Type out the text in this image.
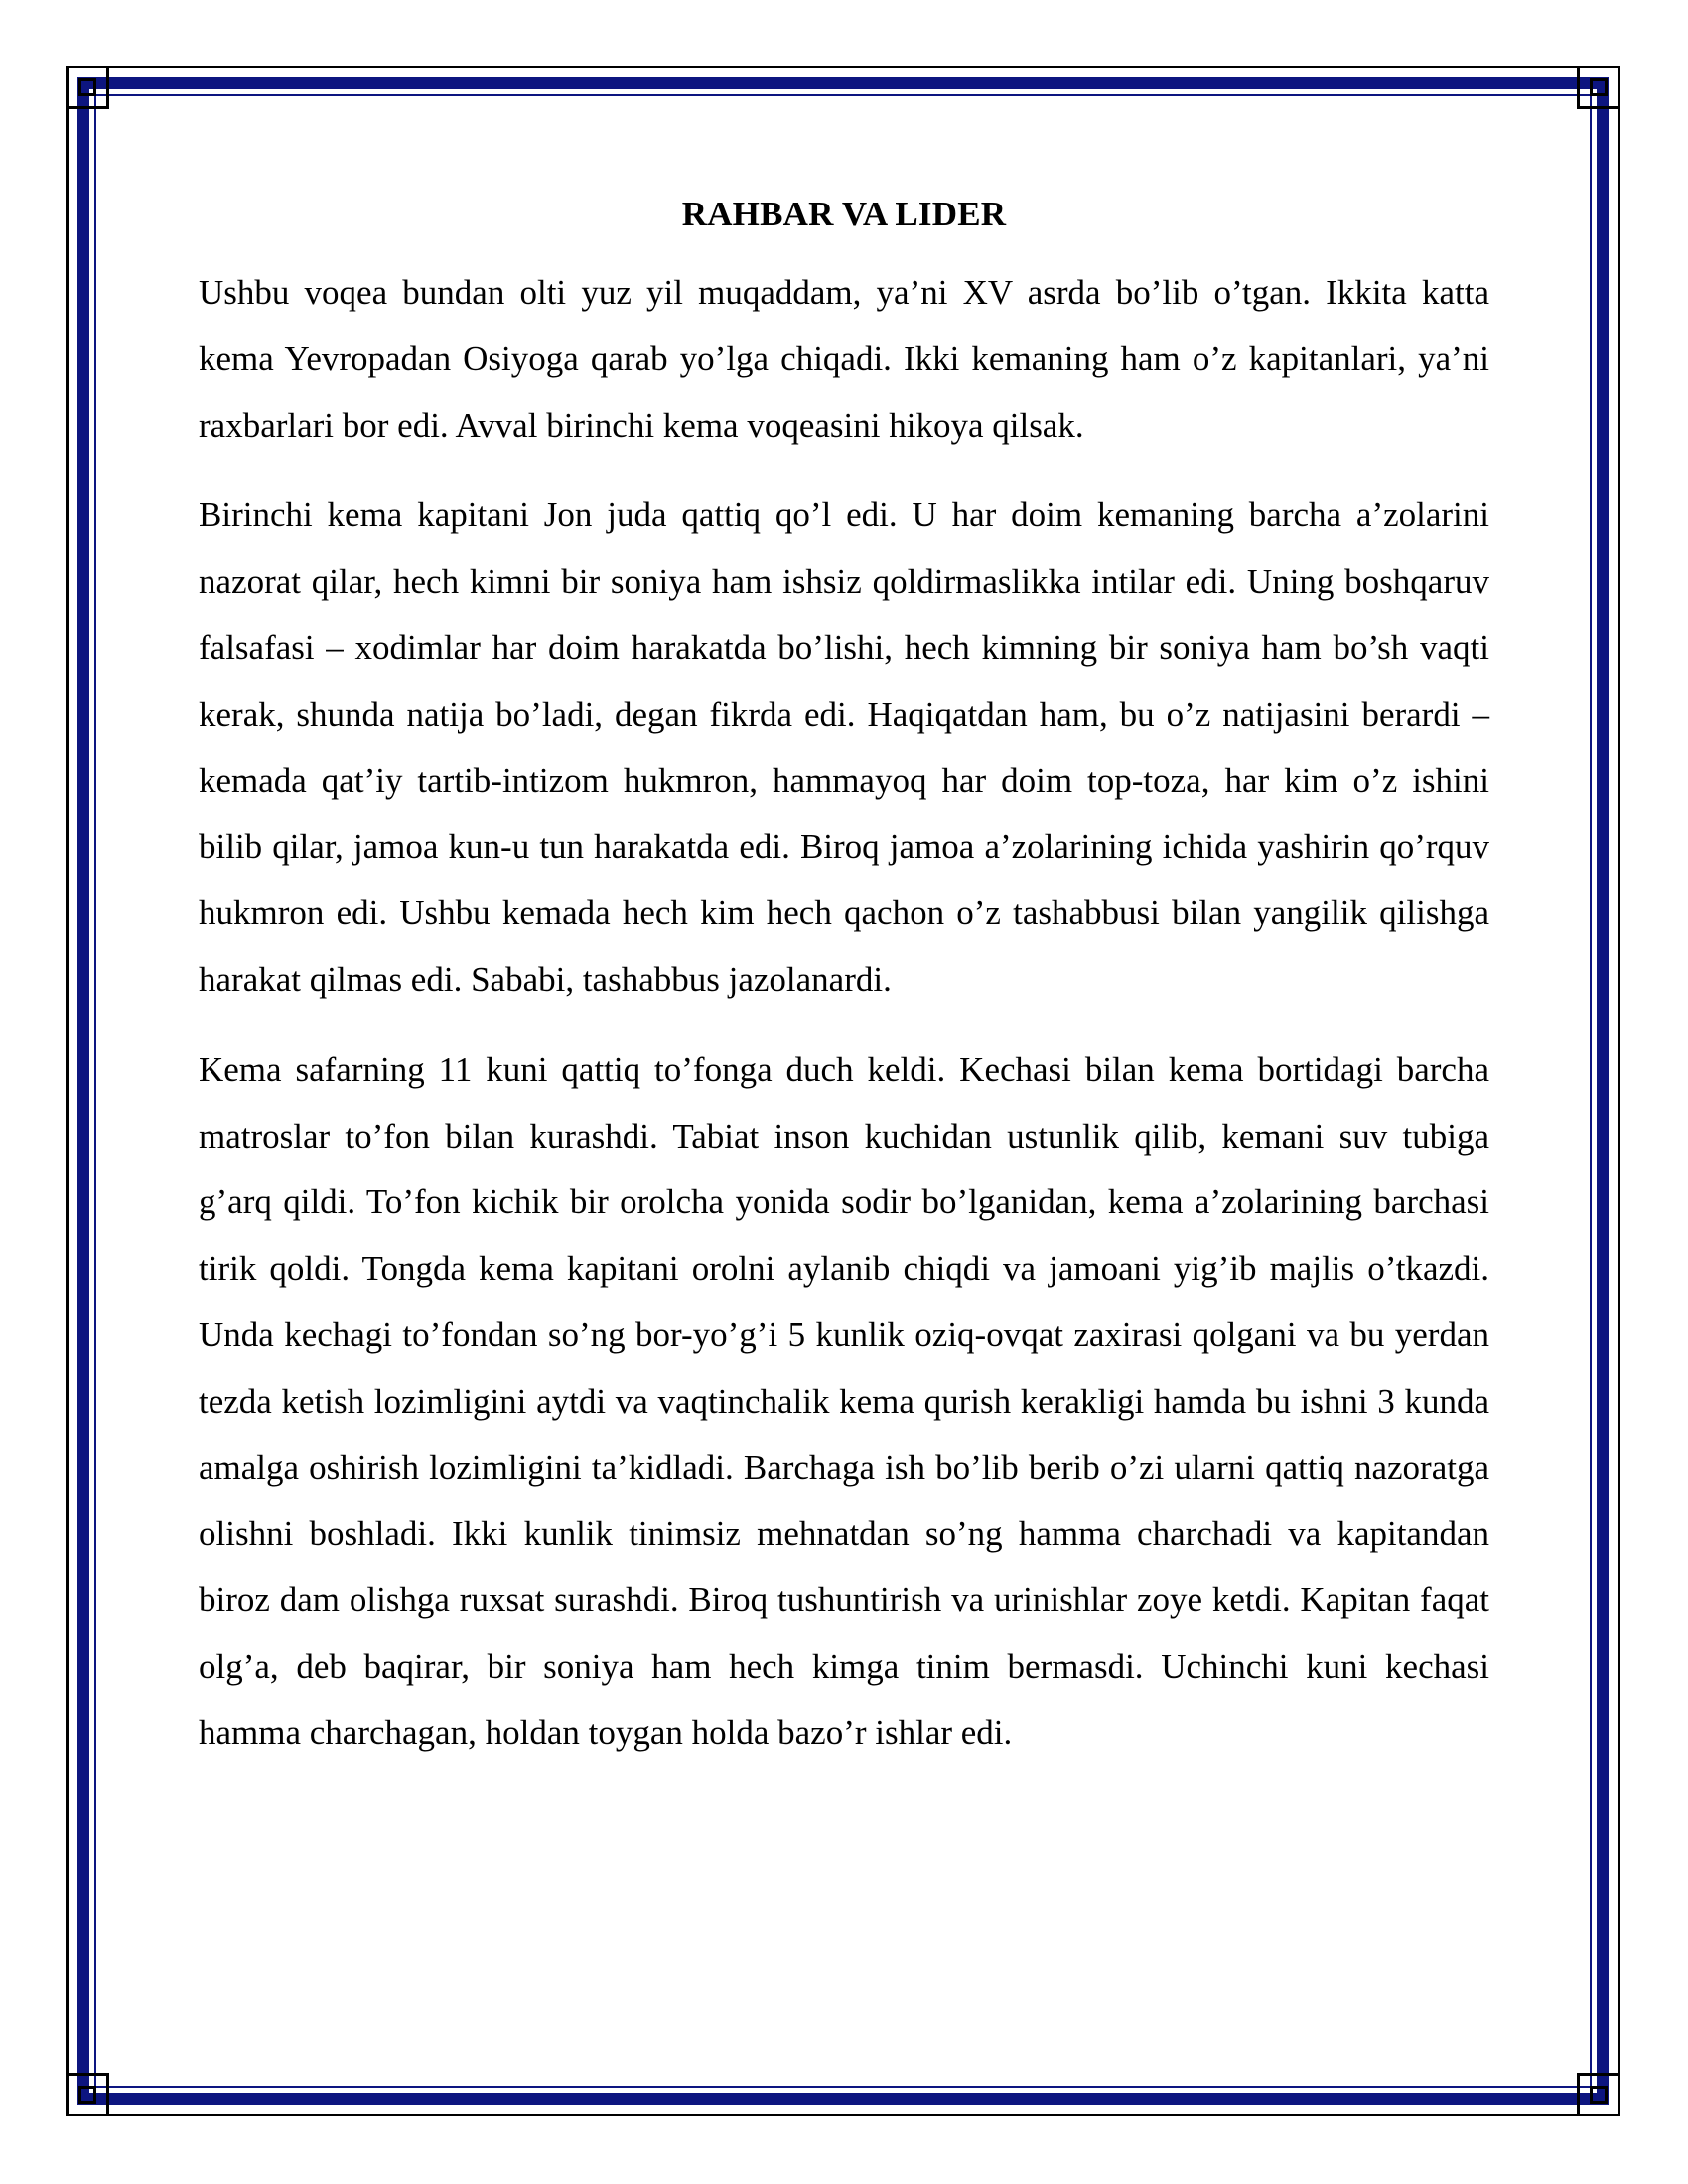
RAHBAR VA LIDER

Ushbu voqea bundan olti yuz yil muqaddam, ya’ni XV asrda bo’lib o’tgan. Ikkita katta kema Yevropadan Osiyoga qarab yo’lga chiqadi. Ikki kemaning ham o’z kapitanlari, ya’ni raxbarlari bor edi. Avval birinchi kema voqeasini hikoya qilsak.

Birinchi kema kapitani Jon juda qattiq qo’l edi. U har doim kemaning barcha a’zolarini nazorat qilar, hech kimni bir soniya ham ishsiz qoldirmaslikka intilar edi. Uning boshqaruv falsafasi – xodimlar har doim harakatda bo’lishi, hech kimning bir soniya ham bo’sh vaqti kerak, shunda natija bo’ladi, degan fikrda edi. Haqiqatdan ham, bu o’z natijasini berardi – kemada qat’iy tartib-intizom hukmron, hammayoq har doim top-toza, har kim o’z ishini bilib qilar, jamoa kun-u tun harakatda edi. Biroq jamoa a’zolarining ichida yashirin qo’rquv hukmron edi. Ushbu kemada hech kim hech qachon o’z tashabbusi bilan yangilik qilishga harakat qilmas edi. Sababi, tashabbus jazolanardi.

Kema safarning 11 kuni qattiq to’fonga duch keldi. Kechasi bilan kema bortidagi barcha matroslar to’fon bilan kurashdi. Tabiat inson kuchidan ustunlik qilib, kemani suv tubiga g’arq qildi. To’fon kichik bir orolcha yonida sodir bo’lganidan, kema a’zolarining barchasi tirik qoldi. Tongda kema kapitani orolni aylanib chiqdi va jamoani yig’ib majlis o’tkazdi. Unda kechagi to’fondan so’ng bor-yo’g’i 5 kunlik oziq-ovqat zaxirasi qolgani va bu yerdan tezda ketish lozimligini aytdi va vaqtinchalik kema qurish kerakligi hamda bu ishni 3 kunda amalga oshirish lozimligini ta’kidladi. Barchaga ish bo’lib berib o’zi ularni qattiq nazoratga olishni boshladi. Ikki kunlik tinimsiz mehnatdan so’ng hamma charchadi va kapitandan biroz dam olishga ruxsat surashdi. Biroq tushuntirish va urinishlar zoye ketdi. Kapitan faqat olg’a, deb baqirar, bir soniya ham hech kimga tinim bermasdi. Uchinchi kuni kechasi hamma charchagan, holdan toygan holda bazo’r ishlar edi.
